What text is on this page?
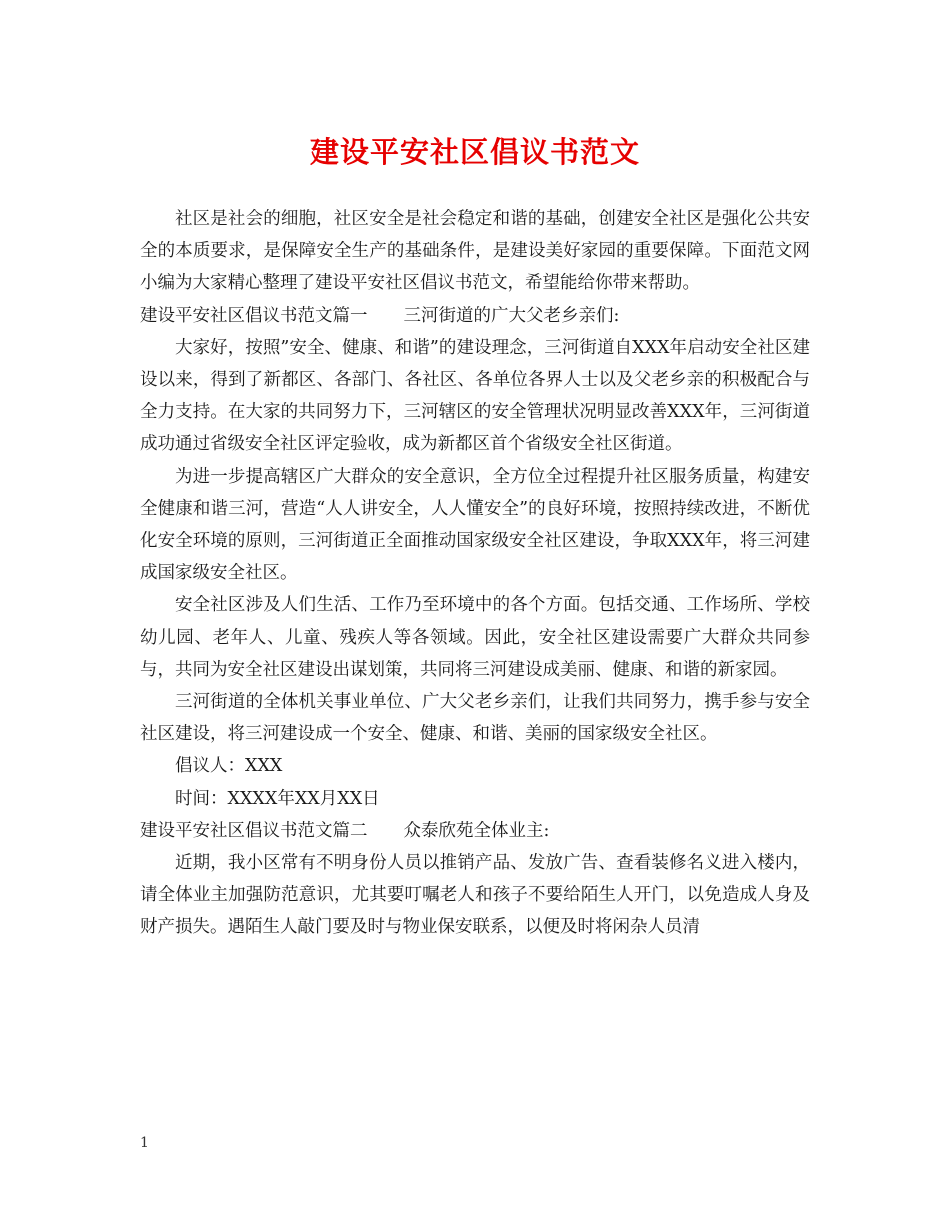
建设平安社区倡议书范文

社区是社会的细胞，社区安全是社会稳定和谐的基础，创建安全社区是强化公共安全的本质要求，是保障安全生产的基础条件，是建设美好家园的重要保障。下面范文网小编为大家精心整理了建设平安社区倡议书范文，希望能给你带来帮助。

建设平安社区倡议书范文篇一 三河街道的广大父老乡亲们:

大家好，按照”安全、健康、和谐”的建设理念，三河街道自XXX年启动安全社区建设以来，得到了新都区、各部门、各社区、各单位各界人士以及父老乡亲的积极配合与全力支持。在大家的共同努力下，三河辖区的安全管理状况明显改善XXX年，三河街道成功通过省级安全社区评定验收，成为新都区首个省级安全社区街道。

为进一步提高辖区广大群众的安全意识，全方位全过程提升社区服务质量，构建安全健康和谐三河，营造“人人讲安全，人人懂安全”的良好环境，按照持续改进，不断优化安全环境的原则，三河街道正全面推动国家级安全社区建设，争取XXX年，将三河建成国家级安全社区。

安全社区涉及人们生活、工作乃至环境中的各个方面。包括交通、工作场所、学校幼儿园、老年人、儿童、残疾人等各领域。因此，安全社区建设需要广大群众共同参与，共同为安全社区建设出谋划策，共同将三河建设成美丽、健康、和谐的新家园。

三河街道的全体机关事业单位、广大父老乡亲们，让我们共同努力，携手参与安全社区建设，将三河建设成一个安全、健康、和谐、美丽的国家级安全社区。

倡议人：XXX

时间：XXXX年XX月XX日

建设平安社区倡议书范文篇二 众泰欣苑全体业主:

近期，我小区常有不明身份人员以推销产品、发放广告、查看装修名义进入楼内，请全体业主加强防范意识，尤其要叮嘱老人和孩子不要给陌生人开门，以免造成人身及财产损失。遇陌生人敲门要及时与物业保安联系，以便及时将闲杂人员清

1
